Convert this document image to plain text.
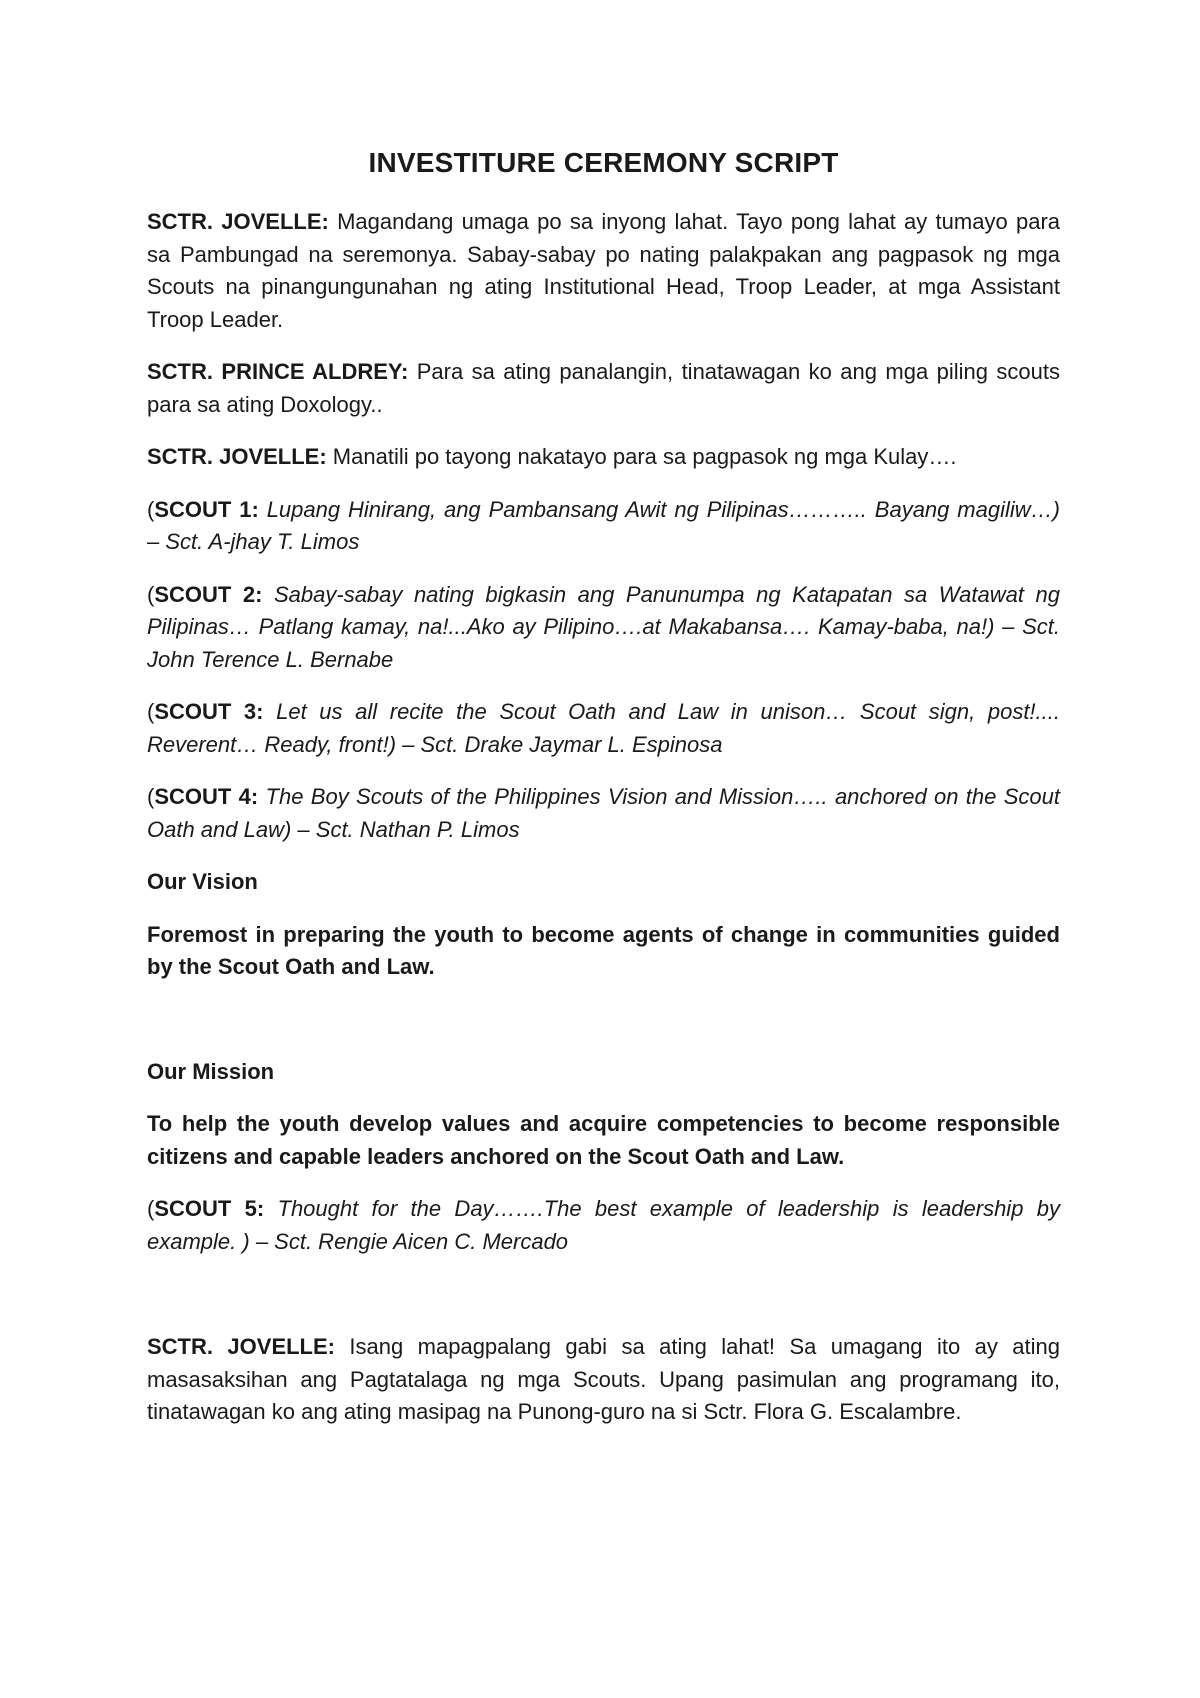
INVESTITURE CEREMONY SCRIPT

SCTR. JOVELLE: Magandang umaga po sa inyong lahat. Tayo pong lahat ay tumayo para sa Pambungad na seremonya. Sabay-sabay po nating palakpakan ang pagpasok ng mga Scouts na pinangungunahan ng ating Institutional Head, Troop Leader, at mga Assistant Troop Leader.

SCTR. PRINCE ALDREY: Para sa ating panalangin, tinatawagan ko ang mga piling scouts para sa ating Doxology..

SCTR. JOVELLE: Manatili po tayong nakatayo para sa pagpasok ng mga Kulay….

(SCOUT 1: Lupang Hinirang, ang Pambansang Awit ng Pilipinas……….. Bayang magiliw…) – Sct. A-jhay T. Limos

(SCOUT 2: Sabay-sabay nating bigkasin ang Panunumpa ng Katapatan sa Watawat ng Pilipinas… Patlang kamay, na!...Ako ay Pilipino….at Makabansa…. Kamay-baba, na!) – Sct. John Terence L. Bernabe

(SCOUT 3: Let us all recite the Scout Oath and Law in unison… Scout sign, post!.... Reverent… Ready, front!) – Sct. Drake Jaymar L. Espinosa

(SCOUT 4: The Boy Scouts of the Philippines Vision and Mission….. anchored on the Scout Oath and Law) – Sct. Nathan P. Limos

Our Vision

Foremost in preparing the youth to become agents of change in communities guided by the Scout Oath and Law.

Our Mission

To help the youth develop values and acquire competencies to become responsible citizens and capable leaders anchored on the Scout Oath and Law.

(SCOUT 5: Thought for the Day…….The best example of leadership is leadership by example. ) – Sct. Rengie Aicen C. Mercado

SCTR. JOVELLE: Isang mapagpalang gabi sa ating lahat! Sa umagang ito ay ating masasaksihan ang Pagtatalaga ng mga Scouts. Upang pasimulan ang programang ito, tinatawagan ko ang ating masipag na Punong-guro na si Sctr. Flora G. Escalambre.
